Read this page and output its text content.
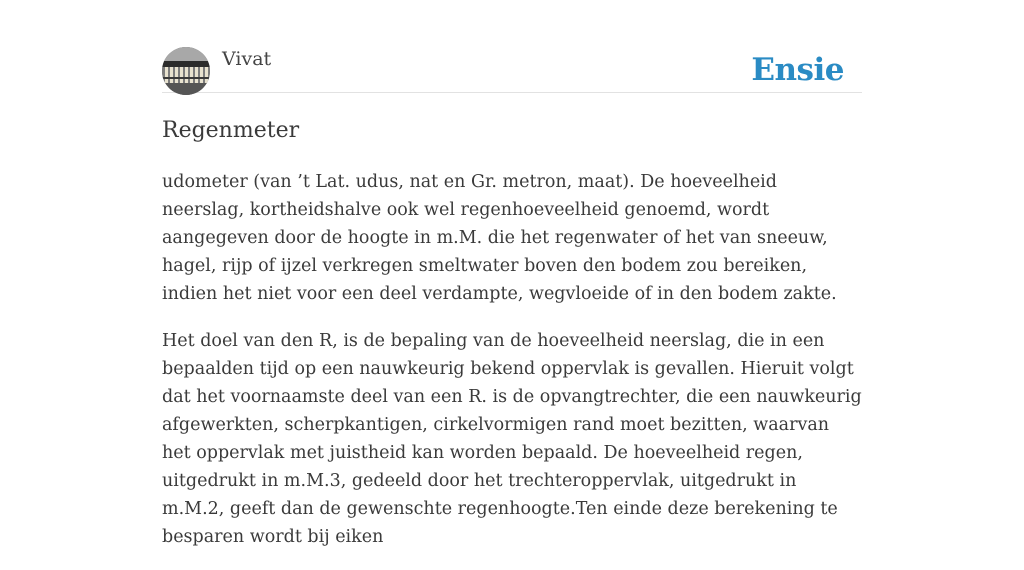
Vivat	Ensie
Regenmeter

udometer (van ’t Lat. udus, nat en Gr. metron, maat). De hoeveelheid neerslag, kortheidshalve ook wel regenhoeveelheid genoemd, wordt aangegeven door de hoogte in m.M. die het regenwater of het van sneeuw, hagel, rijp of ijzel verkregen smeltwater boven den bodem zou bereiken, indien het niet voor een deel verdampte, wegvloeide of in den bodem zakte.

Het doel van den R, is de bepaling van de hoeveelheid neerslag, die in een bepaalden tijd op een nauwkeurig bekend oppervlak is gevallen. Hieruit volgt dat het voornaamste deel van een R. is de opvangtrechter, die een nauwkeurig afgewerkten, scherpkantigen, cirkelvormigen rand moet bezitten, waarvan het oppervlak met juistheid kan worden bepaald. De hoeveelheid regen, uitgedrukt in m.M.3, gedeeld door het trechteroppervlak, uitgedrukt in m.M.2, geeft dan de gewenschte regenhoogte.Ten einde deze berekening te besparen wordt bij eiken
